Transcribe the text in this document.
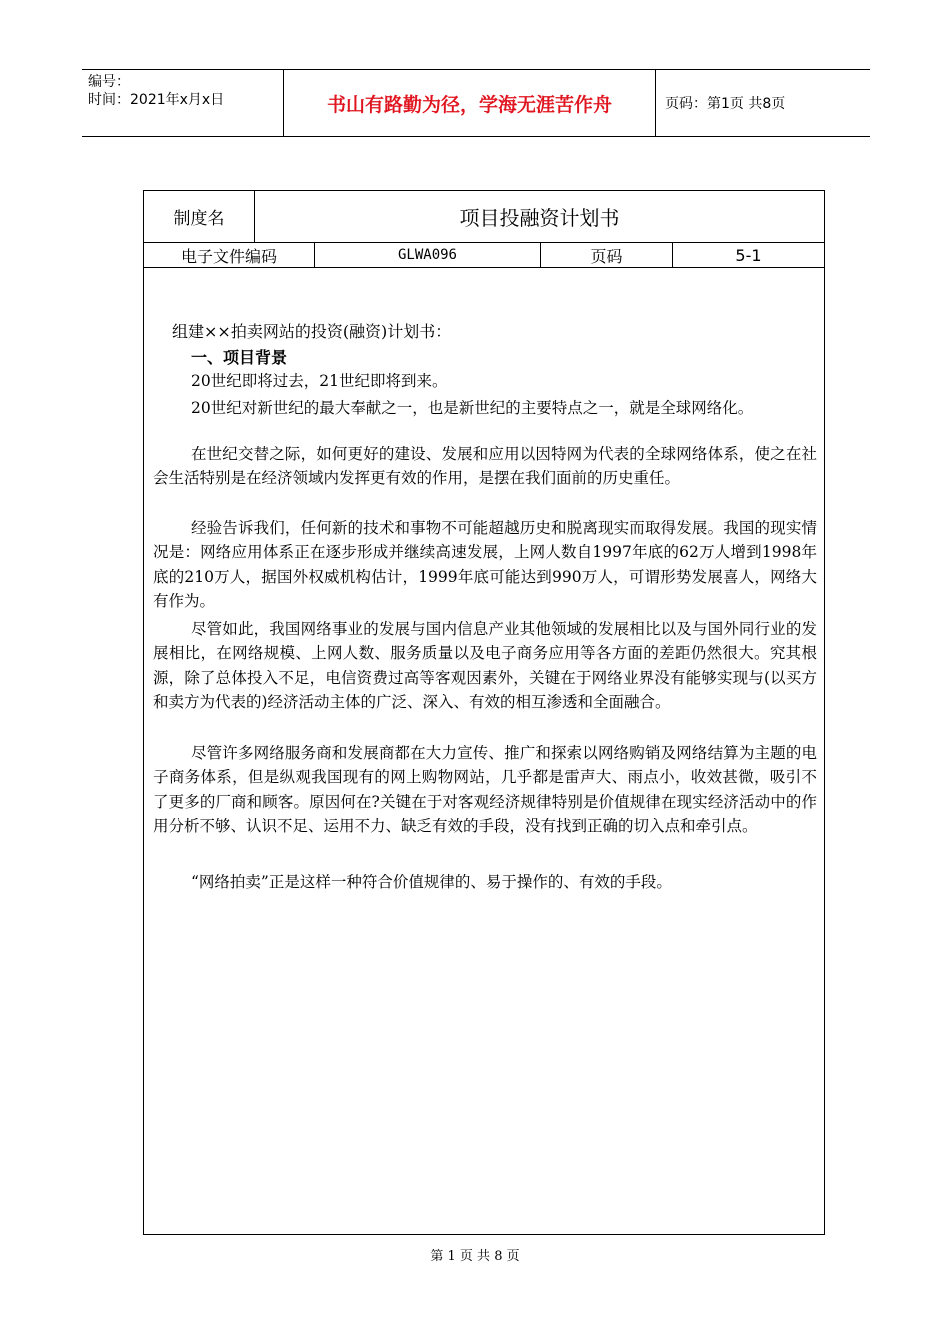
编号：
时间：2021年x月x日	书山有路勤为径，学海无涯苦作舟	页码：第1页 共8页
制度名	项目投融资计划书
电子文件编码	GLWA096	页码	5-1
组建××拍卖网站的投资(融资)计划书：
一、项目背景
20世纪即将过去，21世纪即将到来。
20世纪对新世纪的最大奉献之一，也是新世纪的主要特点之一，就是全球网络化。
在世纪交替之际，如何更好的建设、发展和应用以因特网为代表的全球网络体系，使之在社会生活特别是在经济领域内发挥更有效的作用，是摆在我们面前的历史重任。
经验告诉我们，任何新的技术和事物不可能超越历史和脱离现实而取得发展。我国的现实情况是：网络应用体系正在逐步形成并继续高速发展，上网人数自1997年底的62万人增到1998年底的210万人，据国外权威机构估计，1999年底可能达到990万人，可谓形势发展喜人，网络大有作为。
尽管如此，我国网络事业的发展与国内信息产业其他领域的发展相比以及与国外同行业的发展相比，在网络规模、上网人数、服务质量以及电子商务应用等各方面的差距仍然很大。究其根源，除了总体投入不足，电信资费过高等客观因素外，关键在于网络业界没有能够实现与(以买方和卖方为代表的)经济活动主体的广泛、深入、有效的相互渗透和全面融合。
尽管许多网络服务商和发展商都在大力宣传、推广和探索以网络购销及网络结算为主题的电子商务体系，但是纵观我国现有的网上购物网站，几乎都是雷声大、雨点小，收效甚微，吸引不了更多的厂商和顾客。原因何在?关键在于对客观经济规律特别是价值规律在现实经济活动中的作用分析不够、认识不足、运用不力、缺乏有效的手段，没有找到正确的切入点和牵引点。
“网络拍卖”正是这样一种符合价值规律的、易于操作的、有效的手段。
第 1 页 共 8 页
